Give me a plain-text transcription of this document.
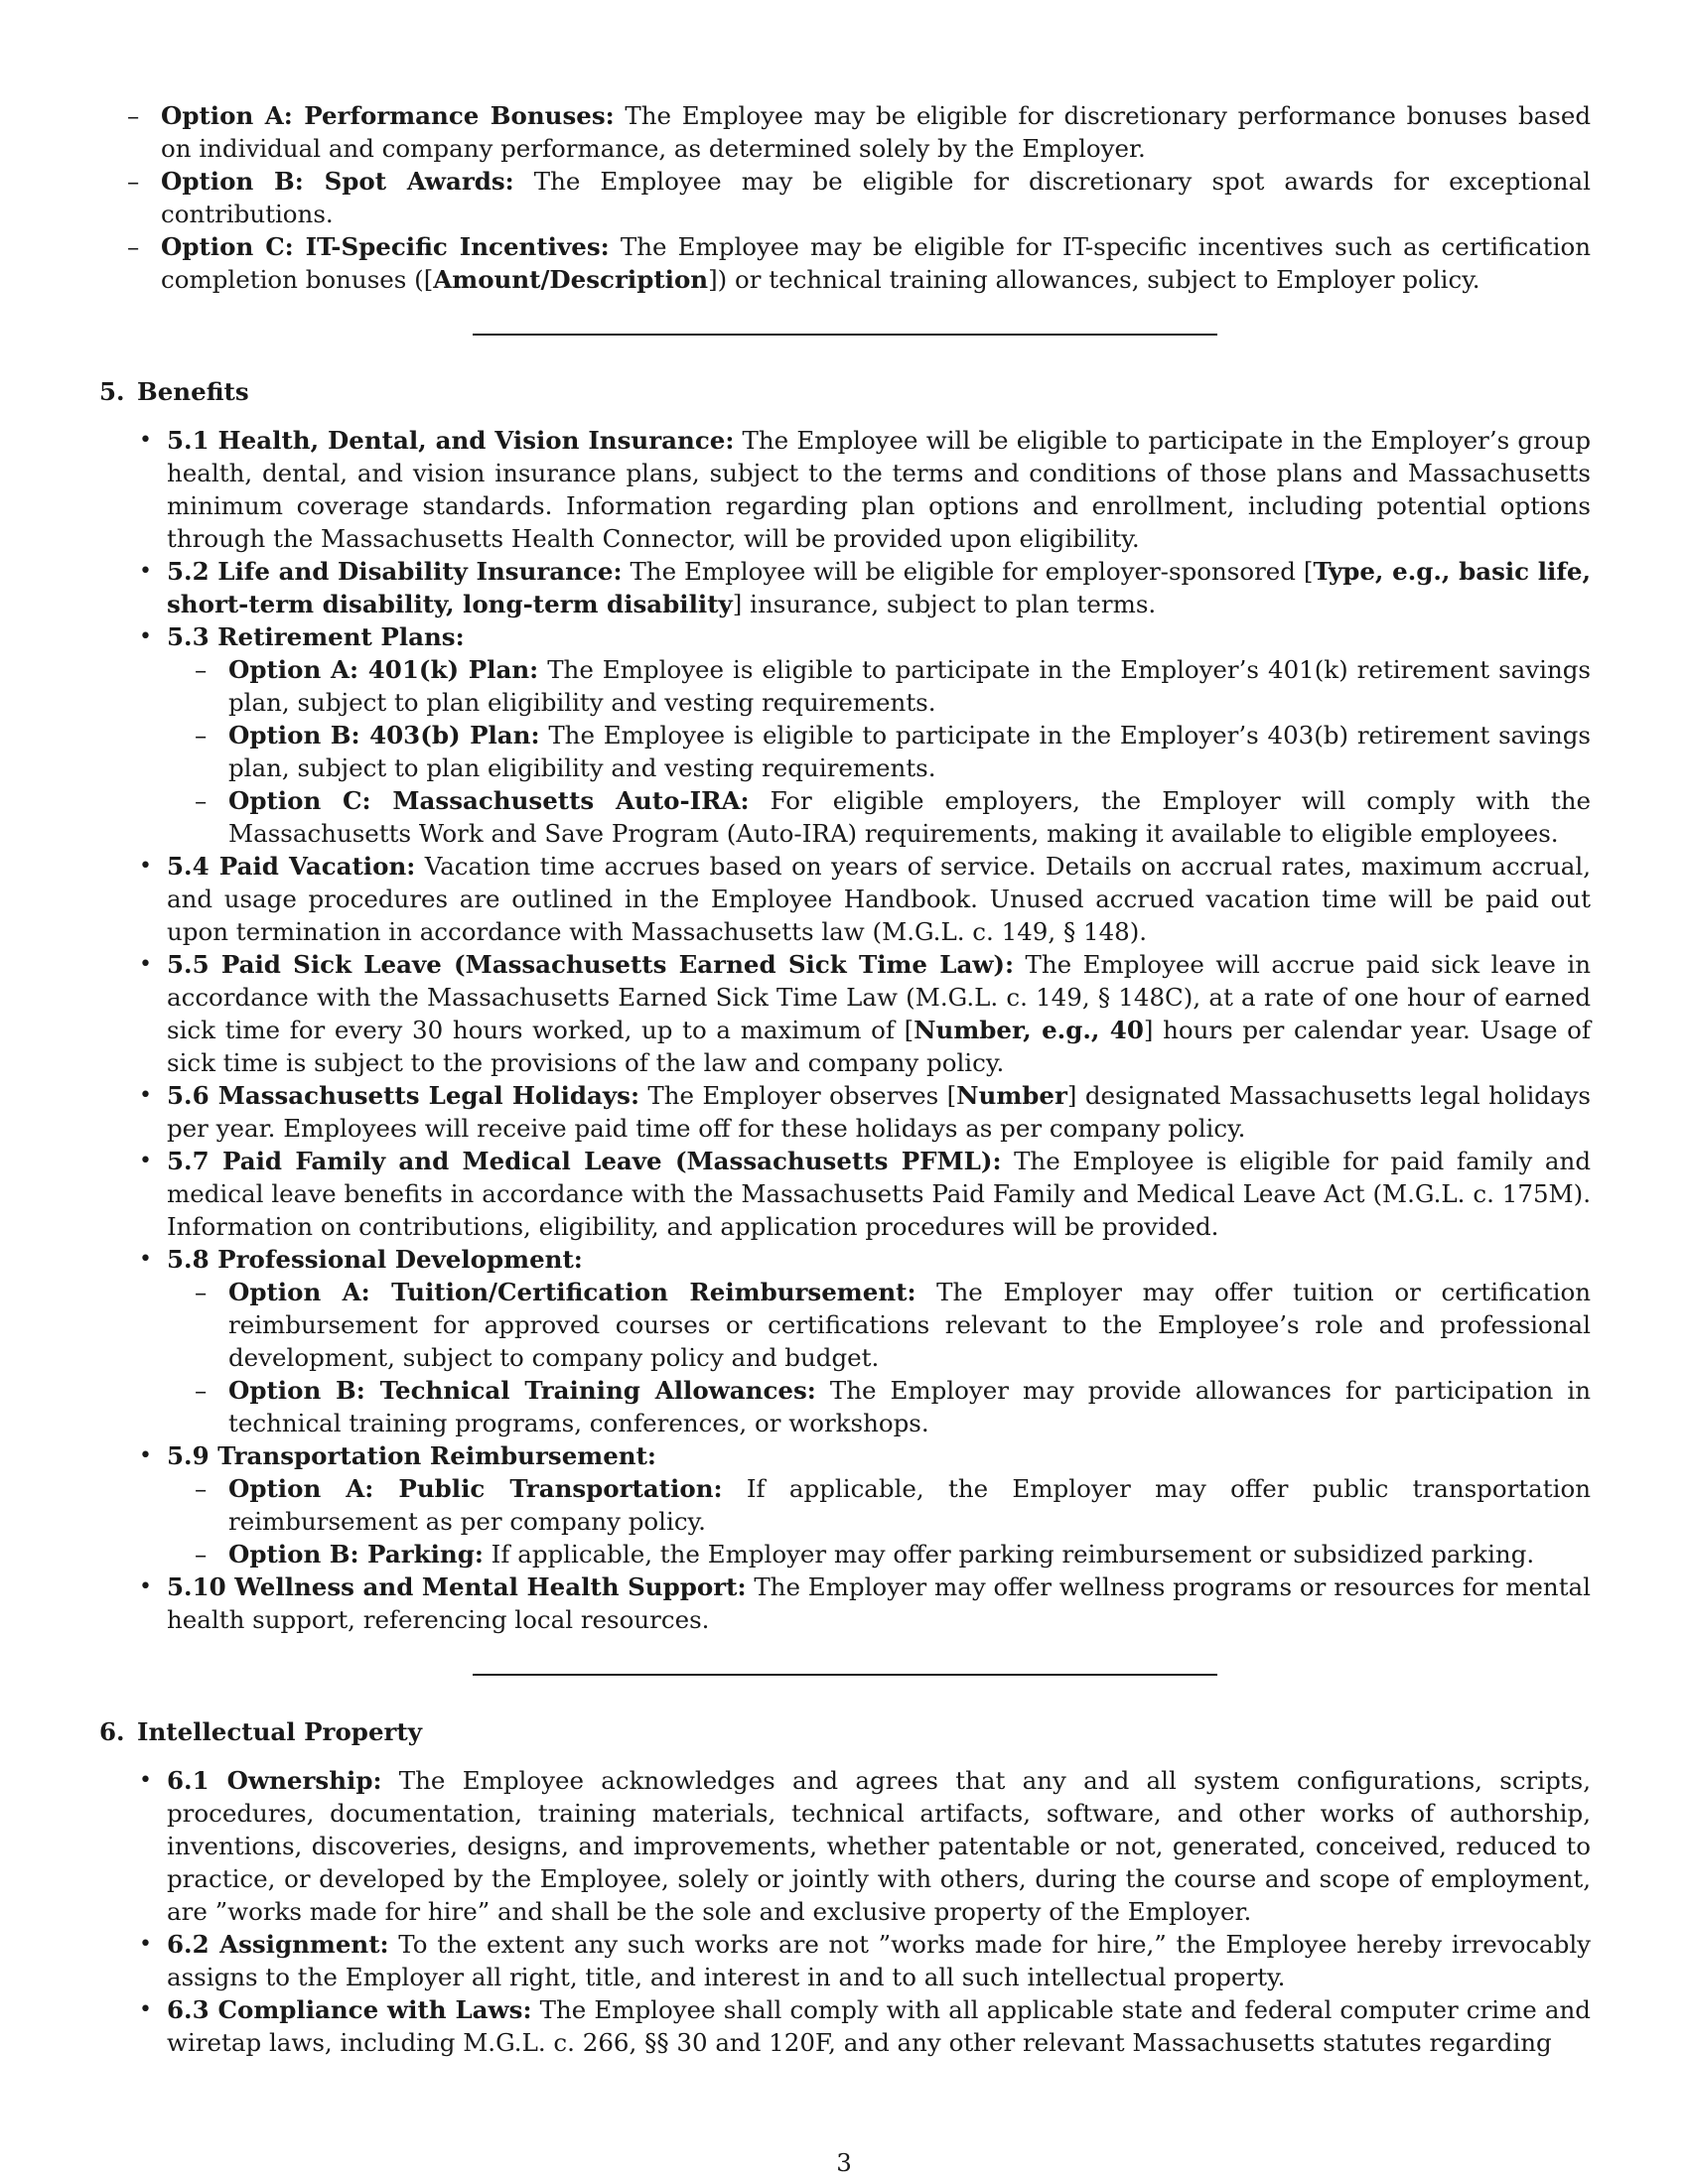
– Option A: Performance Bonuses: The Employee may be eligible for discretionary performance bonuses based on individual and company performance, as determined solely by the Employer.
– Option B: Spot Awards: The Employee may be eligible for discretionary spot awards for exceptional contributions.
– Option C: IT-Specific Incentives: The Employee may be eligible for IT-specific incentives such as certification completion bonuses ([Amount/Description]) or technical training allowances, subject to Employer policy.
5. Benefits
• 5.1 Health, Dental, and Vision Insurance: The Employee will be eligible to participate in the Employer’s group health, dental, and vision insurance plans, subject to the terms and conditions of those plans and Massachusetts minimum coverage standards. Information regarding plan options and enrollment, including potential options through the Massachusetts Health Connector, will be provided upon eligibility.
• 5.2 Life and Disability Insurance: The Employee will be eligible for employer-sponsored [Type, e.g., basic life, short-term disability, long-term disability] insurance, subject to plan terms.
• 5.3 Retirement Plans:
– Option A: 401(k) Plan: The Employee is eligible to participate in the Employer’s 401(k) retirement savings plan, subject to plan eligibility and vesting requirements.
– Option B: 403(b) Plan: The Employee is eligible to participate in the Employer’s 403(b) retirement savings plan, subject to plan eligibility and vesting requirements.
– Option C: Massachusetts Auto-IRA: For eligible employers, the Employer will comply with the Massachusetts Work and Save Program (Auto-IRA) requirements, making it available to eligible employees.
• 5.4 Paid Vacation: Vacation time accrues based on years of service. Details on accrual rates, maximum accrual, and usage procedures are outlined in the Employee Handbook. Unused accrued vacation time will be paid out upon termination in accordance with Massachusetts law (M.G.L. c. 149, § 148).
• 5.5 Paid Sick Leave (Massachusetts Earned Sick Time Law): The Employee will accrue paid sick leave in accordance with the Massachusetts Earned Sick Time Law (M.G.L. c. 149, § 148C), at a rate of one hour of earned sick time for every 30 hours worked, up to a maximum of [Number, e.g., 40] hours per calendar year. Usage of sick time is subject to the provisions of the law and company policy.
• 5.6 Massachusetts Legal Holidays: The Employer observes [Number] designated Massachusetts legal holidays per year. Employees will receive paid time off for these holidays as per company policy.
• 5.7 Paid Family and Medical Leave (Massachusetts PFML): The Employee is eligible for paid family and medical leave benefits in accordance with the Massachusetts Paid Family and Medical Leave Act (M.G.L. c. 175M). Information on contributions, eligibility, and application procedures will be provided.
• 5.8 Professional Development:
– Option A: Tuition/Certification Reimbursement: The Employer may offer tuition or certification reimbursement for approved courses or certifications relevant to the Employee’s role and professional development, subject to company policy and budget.
– Option B: Technical Training Allowances: The Employer may provide allowances for participation in technical training programs, conferences, or workshops.
• 5.9 Transportation Reimbursement:
– Option A: Public Transportation: If applicable, the Employer may offer public transportation reimbursement as per company policy.
– Option B: Parking: If applicable, the Employer may offer parking reimbursement or subsidized parking.
• 5.10 Wellness and Mental Health Support: The Employer may offer wellness programs or resources for mental health support, referencing local resources.
6. Intellectual Property
• 6.1 Ownership: The Employee acknowledges and agrees that any and all system configurations, scripts, procedures, documentation, training materials, technical artifacts, software, and other works of authorship, inventions, discoveries, designs, and improvements, whether patentable or not, generated, conceived, reduced to practice, or developed by the Employee, solely or jointly with others, during the course and scope of employment, are ”works made for hire” and shall be the sole and exclusive property of the Employer.
• 6.2 Assignment: To the extent any such works are not ”works made for hire,” the Employee hereby irrevocably assigns to the Employer all right, title, and interest in and to all such intellectual property.
• 6.3 Compliance with Laws: The Employee shall comply with all applicable state and federal computer crime and wiretap laws, including M.G.L. c. 266, §§ 30 and 120F, and any other relevant Massachusetts statutes regarding
3
